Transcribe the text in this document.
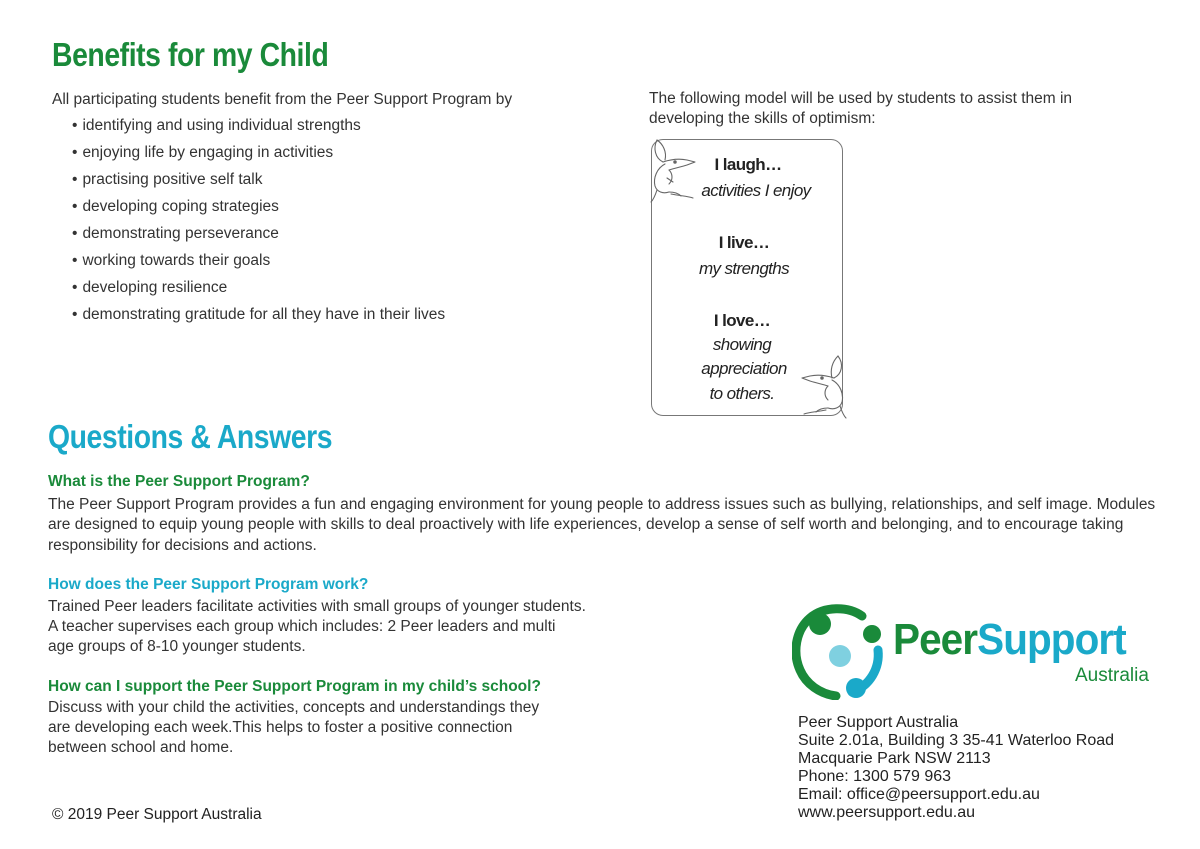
Benefits for my Child
All participating students benefit from the Peer Support Program by
• identifying and using individual strengths
• enjoying life by engaging in activities
• practising positive self talk
• developing coping strategies
• demonstrating perseverance
• working towards their goals
• developing resilience
• demonstrating gratitude for all they have in their lives
The following model will be used by students to assist them in developing the skills of optimism:
I laugh…
activities I enjoy
I live…
my strengths
I love…
showing
appreciation
to others.
Questions & Answers
What is the Peer Support Program?
The Peer Support Program provides a fun and engaging environment for young people to address issues such as bullying, relationships, and self image. Modules are designed to equip young people with skills to deal proactively with life experiences, develop a sense of self worth and belonging, and to encourage taking responsibility for decisions and actions.
How does the Peer Support Program work?
Trained Peer leaders facilitate activities with small groups of younger students.
A teacher supervises each group which includes: 2 Peer leaders and multi
age groups of 8-10 younger students.
How can I support the Peer Support Program in my child’s school?
Discuss with your child the activities, concepts and understandings they
are developing each week.This helps to foster a positive connection
between school and home.
PeerSupport
Australia
Peer Support Australia
Suite 2.01a, Building 3 35-41 Waterloo Road
Macquarie Park NSW 2113
Phone: 1300 579 963
Email: office@peersupport.edu.au
www.peersupport.edu.au
© 2019 Peer Support Australia
